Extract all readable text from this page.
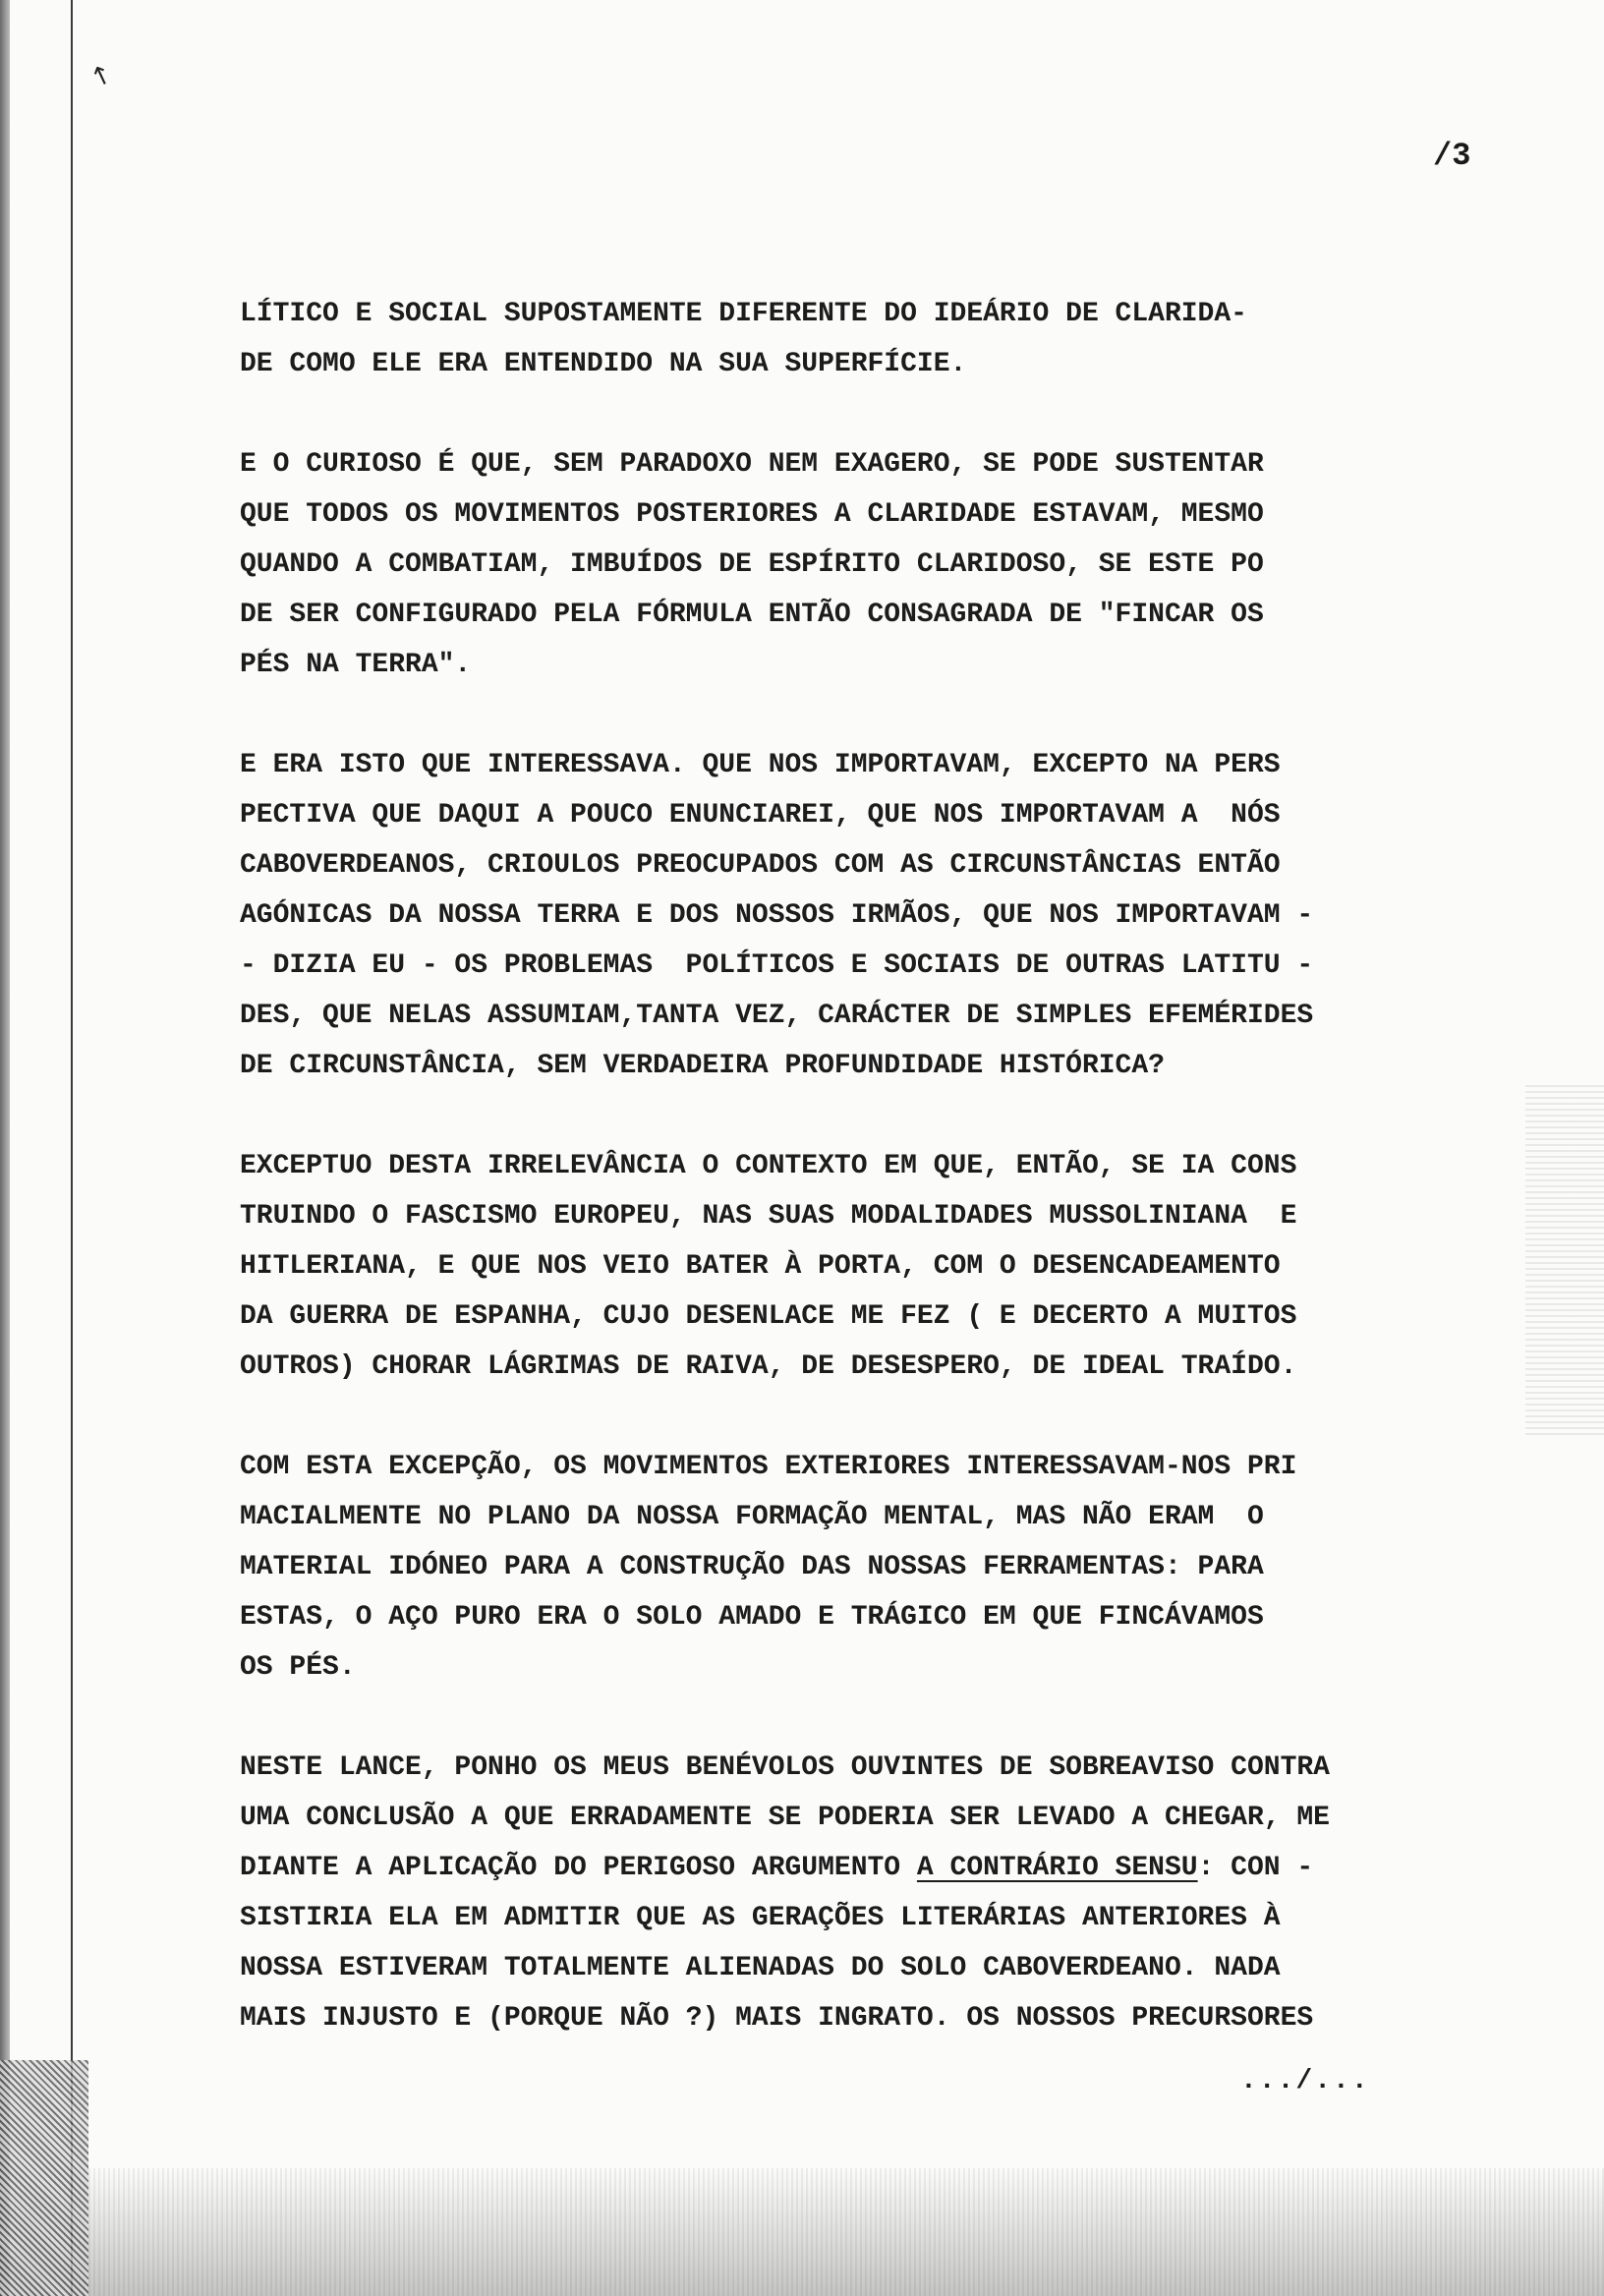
↖
/3
LÍTICO E SOCIAL SUPOSTAMENTE DIFERENTE DO IDEÁRIO DE CLARIDA-
DE COMO ELE ERA ENTENDIDO NA SUA SUPERFÍCIE.
E O CURIOSO É QUE, SEM PARADOXO NEM EXAGERO, SE PODE SUSTENTAR
QUE TODOS OS MOVIMENTOS POSTERIORES A CLARIDADE ESTAVAM, MESMO
QUANDO A COMBATIAM, IMBUÍDOS DE ESPÍRITO CLARIDOSO, SE ESTE PO
DE SER CONFIGURADO PELA FÓRMULA ENTÃO CONSAGRADA DE "FINCAR OS
PÉS NA TERRA".
E ERA ISTO QUE INTERESSAVA. QUE NOS IMPORTAVAM, EXCEPTO NA PERS
PECTIVA QUE DAQUI A POUCO ENUNCIAREI, QUE NOS IMPORTAVAM A  NÓS
CABOVERDEANOS, CRIOULOS PREOCUPADOS COM AS CIRCUNSTÂNCIAS ENTÃO
AGÓNICAS DA NOSSA TERRA E DOS NOSSOS IRMÃOS, QUE NOS IMPORTAVAM -
- DIZIA EU - OS PROBLEMAS  POLÍTICOS E SOCIAIS DE OUTRAS LATITU -
DES, QUE NELAS ASSUMIAM,TANTA VEZ, CARÁCTER DE SIMPLES EFEMÉRIDES
DE CIRCUNSTÂNCIA, SEM VERDADEIRA PROFUNDIDADE HISTÓRICA?
EXCEPTUO DESTA IRRELEVÂNCIA O CONTEXTO EM QUE, ENTÃO, SE IA CONS
TRUINDO O FASCISMO EUROPEU, NAS SUAS MODALIDADES MUSSOLINIANA  E
HITLERIANA, E QUE NOS VEIO BATER À PORTA, COM O DESENCADEAMENTO
DA GUERRA DE ESPANHA, CUJO DESENLACE ME FEZ ( E DECERTO A MUITOS
OUTROS) CHORAR LÁGRIMAS DE RAIVA, DE DESESPERO, DE IDEAL TRAÍDO.
COM ESTA EXCEPÇÃO, OS MOVIMENTOS EXTERIORES INTERESSAVAM-NOS PRI
MACIALMENTE NO PLANO DA NOSSA FORMAÇÃO MENTAL, MAS NÃO ERAM  O
MATERIAL IDÓNEO PARA A CONSTRUÇÃO DAS NOSSAS FERRAMENTAS: PARA
ESTAS, O AÇO PURO ERA O SOLO AMADO E TRÁGICO EM QUE FINCÁVAMOS
OS PÉS.
NESTE LANCE, PONHO OS MEUS BENÉVOLOS OUVINTES DE SOBREAVISO CONTRA
UMA CONCLUSÃO A QUE ERRADAMENTE SE PODERIA SER LEVADO A CHEGAR, ME
DIANTE A APLICAÇÃO DO PERIGOSO ARGUMENTO A CONTRÁRIO SENSU: CON -
SISTIRIA ELA EM ADMITIR QUE AS GERAÇÕES LITERÁRIAS ANTERIORES À
NOSSA ESTIVERAM TOTALMENTE ALIENADAS DO SOLO CABOVERDEANO. NADA
MAIS INJUSTO E (PORQUE NÃO ?) MAIS INGRATO. OS NOSSOS PRECURSORES
.../...
